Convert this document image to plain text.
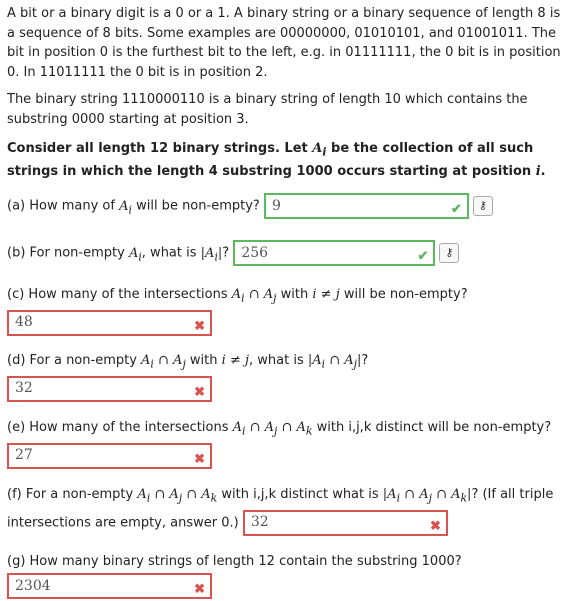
A bit or a binary digit is a 0 or a 1. A binary string or a binary sequence of length 8 is a sequence of 8 bits. Some examples are 00000000, 01010101, and 01001011. The bit in position 0 is the furthest bit to the left, e.g. in 01111111, the 0 bit is in position 0. In 11011111 the 0 bit is in position 2.

The binary string 1110000110 is a binary string of length 10 which contains the substring 0000 starting at position 3.

Consider all length 12 binary strings. Let $A_i$ be the collection of all such strings in which the length 4 substring 1000 occurs starting at position i.

(a) How many of $A_i$ will be non-empty? 9	✔ ⚷
(b) For non-empty $A_i$, what is $|A_i|$? 256	✔ ⚷
(c) How many of the intersections $A_i$ ∩ $A_j$ with i ≠ j will be non-empty?

48	✖
(d) For a non-empty $A_i$ ∩ $A_j$ with i ≠ j, what is $|A_i$ ∩ $A_j|$?

32	✖
(e) How many of the intersections $A_i$ ∩ $A_j$ ∩ $A_k$ with i,j,k distinct will be non-empty?
27	✖
(f) For a non-empty $A_i$ ∩ $A_j$ ∩ $A_k$ with i,j,k distinct what is $|A_i$ ∩ $A_j$ ∩ $A_k|$? (If all triple intersections are empty, answer 0.) 32	✖
(g) How many binary strings of length 12 contain the substring 1000?

2304	✖
